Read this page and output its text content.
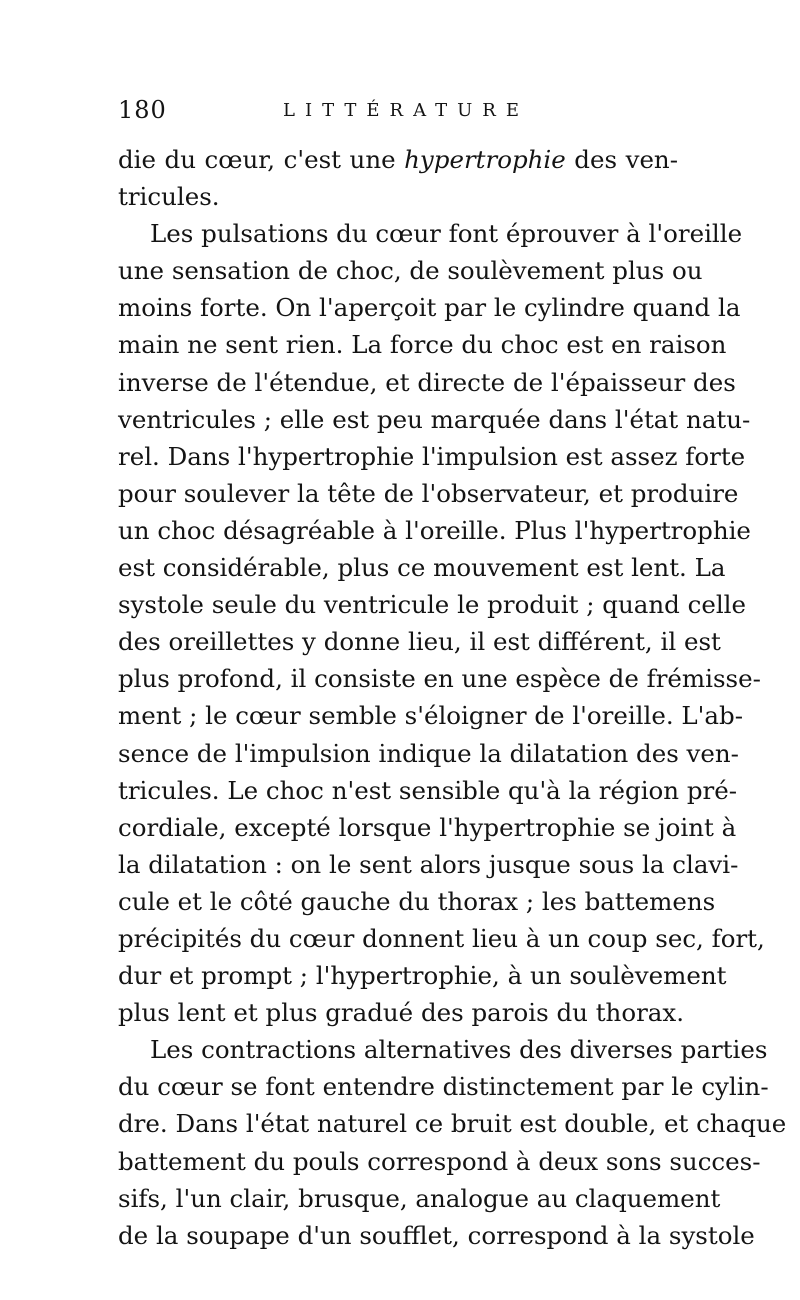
180	LITTÉRATURE
die du cœur, c'est une hypertrophie des ven-
tricules.
Les pulsations du cœur font éprouver à l'oreille
une sensation de choc, de soulèvement plus ou
moins forte. On l'aperçoit par le cylindre quand la
main ne sent rien. La force du choc est en raison
inverse de l'étendue, et directe de l'épaisseur des
ventricules ; elle est peu marquée dans l'état natu-
rel. Dans l'hypertrophie l'impulsion est assez forte
pour soulever la tête de l'observateur, et produire
un choc désagréable à l'oreille. Plus l'hypertrophie
est considérable, plus ce mouvement est lent. La
systole seule du ventricule le produit ; quand celle
des oreillettes y donne lieu, il est différent, il est
plus profond, il consiste en une espèce de frémisse-
ment ; le cœur semble s'éloigner de l'oreille. L'ab-
sence de l'impulsion indique la dilatation des ven-
tricules. Le choc n'est sensible qu'à la région pré-
cordiale, excepté lorsque l'hypertrophie se joint à
la dilatation : on le sent alors jusque sous la clavi-
cule et le côté gauche du thorax ; les battemens
précipités du cœur donnent lieu à un coup sec, fort,
dur et prompt ; l'hypertrophie, à un soulèvement
plus lent et plus gradué des parois du thorax.
Les contractions alternatives des diverses parties
du cœur se font entendre distinctement par le cylin-
dre. Dans l'état naturel ce bruit est double, et chaque
battement du pouls correspond à deux sons succes-
sifs, l'un clair, brusque, analogue au claquement
de la soupape d'un soufflet, correspond à la systole
